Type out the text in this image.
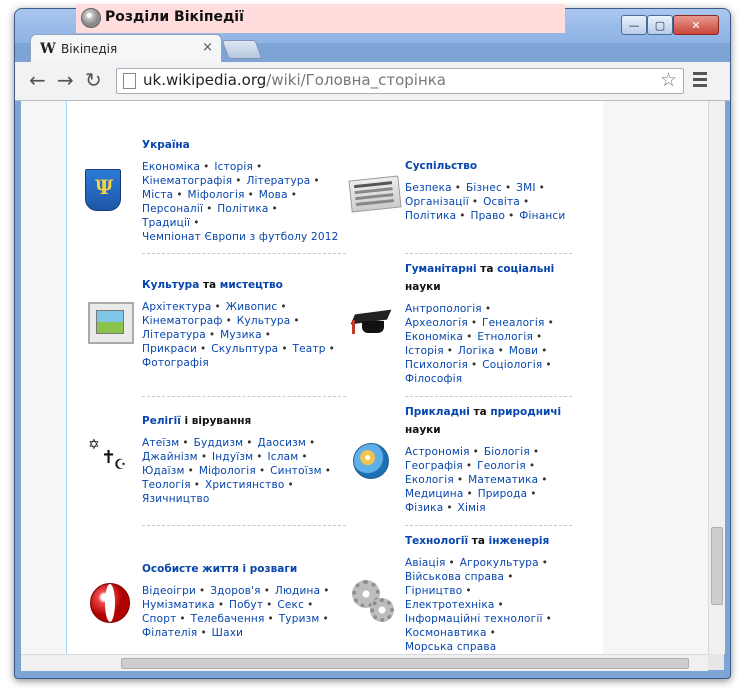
—	▢	✕
W Вікіпедія	×
← → ↻	uk.wikipedia.org/wiki/Головна_сторінка	☆
Розділи Вікіпедії
Ψ
✡
✝
☪
Україна
Економіка • Історія •
Кінематографія • Література •
Міста • Міфологія • Мова •
Персоналії • Політика •
Традиції •
Чемпіонат Європи з футболу 2012
Суспільство
Безпека • Бізнес • ЗМІ •
Організації • Освіта •
Політика • Право • Фінанси
Культура та мистецтво
Архітектура • Живопис •
Кінематограф • Культура •
Література • Музика •
Прикраси • Скульптура • Театр •
Фотографія
Гуманітарні та соціальні
науки
Антропологія •
Археологія • Генеалогія •
Економіка • Етнологія •
Історія • Логіка • Мови •
Психологія • Соціологія •
Філософія
Релігії і вірування
Атеїзм • Буддизм • Даосизм •
Джайнізм • Індуїзм • Іслам •
Юдаїзм • Міфологія • Синтоїзм •
Теологія • Християнство •
Язичництво
Прикладні та природничі
науки
Астрономія • Біологія •
Географія • Геологія •
Екологія • Математика •
Медицина • Природа •
Фізика • Хімія
Особисте життя і розваги
Відеоігри • Здоров'я • Людина •
Нумізматика • Побут • Секс •
Спорт • Телебачення • Туризм •
Філателія • Шахи
Технології та інженерія
Авіація • Агрокультура •
Військова справа •
Гірництво •
Електротехніка •
Інформаційні технології •
Космонавтика •
Морська справа
